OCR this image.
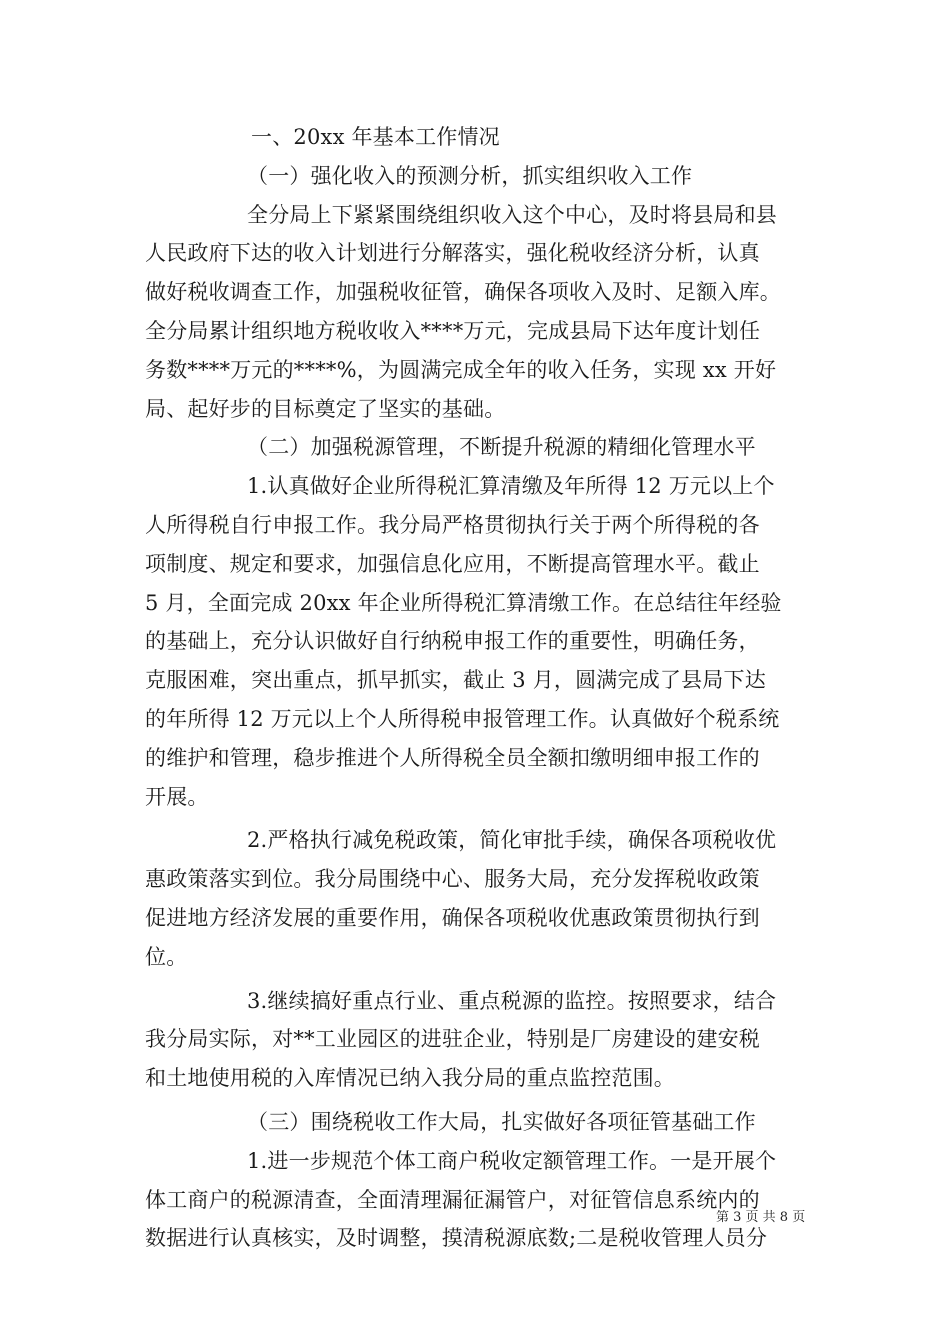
一、20xx 年基本工作情况
（一）强化收入的预测分析，抓实组织收入工作
全分局上下紧紧围绕组织收入这个中心，及时将县局和县
人民政府下达的收入计划进行分解落实，强化税收经济分析，认真
做好税收调查工作，加强税收征管，确保各项收入及时、足额入库。
全分局累计组织地方税收收入****万元，完成县局下达年度计划任
务数****万元的****%，为圆满完成全年的收入任务，实现 xx 开好
局、起好步的目标奠定了坚实的基础。
（二）加强税源管理，不断提升税源的精细化管理水平
1.认真做好企业所得税汇算清缴及年所得 12 万元以上个
人所得税自行申报工作。我分局严格贯彻执行关于两个所得税的各
项制度、规定和要求，加强信息化应用，不断提高管理水平。截止
5 月，全面完成 20xx 年企业所得税汇算清缴工作。在总结往年经验
的基础上，充分认识做好自行纳税申报工作的重要性，明确任务，
克服困难，突出重点，抓早抓实，截止 3 月，圆满完成了县局下达
的年所得 12 万元以上个人所得税申报管理工作。认真做好个税系统
的维护和管理，稳步推进个人所得税全员全额扣缴明细申报工作的
开展。
2.严格执行减免税政策，简化审批手续，确保各项税收优
惠政策落实到位。我分局围绕中心、服务大局，充分发挥税收政策
促进地方经济发展的重要作用，确保各项税收优惠政策贯彻执行到
位。
3.继续搞好重点行业、重点税源的监控。按照要求，结合
我分局实际，对**工业园区的进驻企业，特别是厂房建设的建安税
和土地使用税的入库情况已纳入我分局的重点监控范围。
（三）围绕税收工作大局，扎实做好各项征管基础工作
1.进一步规范个体工商户税收定额管理工作。一是开展个
体工商户的税源清查，全面清理漏征漏管户，对征管信息系统内的
数据进行认真核实，及时调整，摸清税源底数;二是税收管理人员分
第 3 页 共 8 页
